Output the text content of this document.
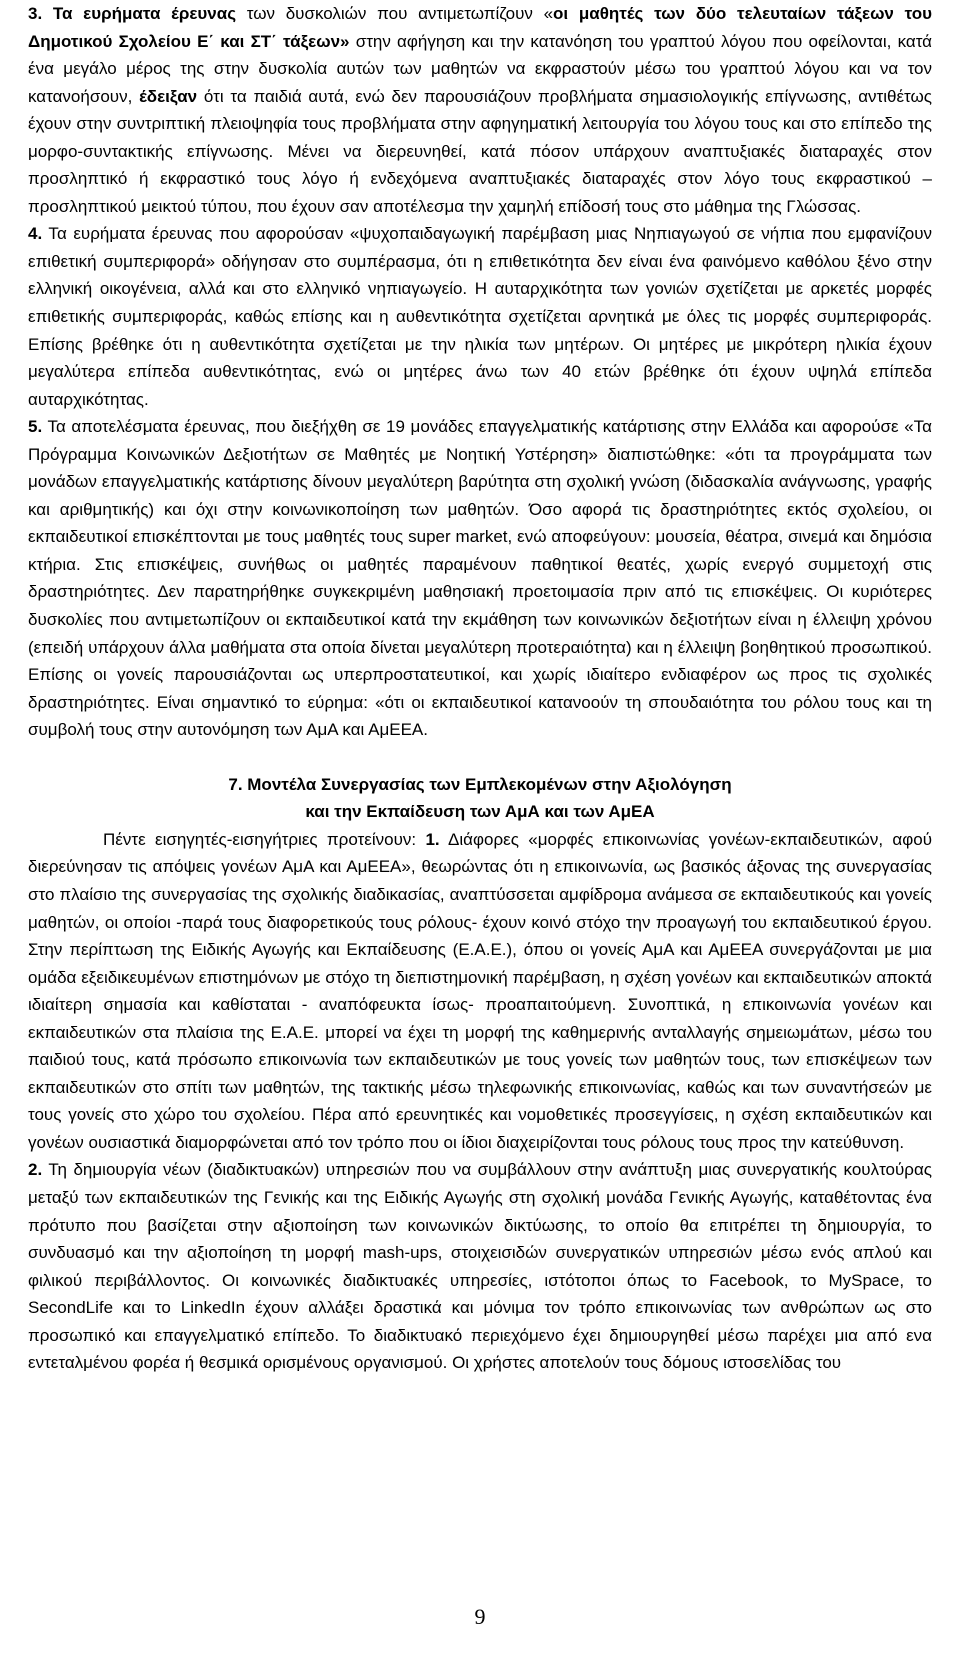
3. Τα ευρήματα έρευνας των δυσκολιών που αντιμετωπίζουν «οι μαθητές των δύο τελευταίων τάξεων του Δημοτικού Σχολείου Ε΄ και ΣΤ΄ τάξεων» στην αφήγηση και την κατανόηση του γραπτού λόγου που οφείλονται, κατά ένα μεγάλο μέρος της στην δυσκολία αυτών των μαθητών να εκφραστούν μέσω του γραπτού λόγου και να τον κατανοήσουν, έδειξαν ότι τα παιδιά αυτά, ενώ δεν παρουσιάζουν προβλήματα σημασιολογικής επίγνωσης, αντιθέτως έχουν στην συντριπτική πλειοψηφία τους προβλήματα στην αφηγηματική λειτουργία του λόγου τους και στο επίπεδο της μορφο-συντακτικής επίγνωσης. Μένει να διερευνηθεί, κατά πόσον υπάρχουν αναπτυξιακές διαταραχές στον προσληπτικό ή εκφραστικό τους λόγο ή ενδεχόμενα αναπτυξιακές διαταραχές στον λόγο τους εκφραστικού –προσληπτικού μεικτού τύπου, που έχουν σαν αποτέλεσμα την χαμηλή επίδοσή τους στο μάθημα της Γλώσσας.

4. Τα ευρήματα έρευνας που αφορούσαν «ψυχοπαιδαγωγική παρέμβαση μιας Νηπιαγωγού σε νήπια που εμφανίζουν επιθετική συμπεριφορά» οδήγησαν στο συμπέρασμα, ότι η επιθετικότητα δεν είναι ένα φαινόμενο καθόλου ξένο στην ελληνική οικογένεια, αλλά και στο ελληνικό νηπιαγωγείο. Η αυταρχικότητα των γονιών σχετίζεται με αρκετές μορφές επιθετικής συμπεριφοράς, καθώς επίσης και η αυθεντικότητα σχετίζεται αρνητικά με όλες τις μορφές συμπεριφοράς. Επίσης βρέθηκε ότι η αυθεντικότητα σχετίζεται με την ηλικία των μητέρων. Οι μητέρες με μικρότερη ηλικία έχουν μεγαλύτερα επίπεδα αυθεντικότητας, ενώ οι μητέρες άνω των 40 ετών βρέθηκε ότι έχουν υψηλά επίπεδα αυταρχικότητας.

5. Τα αποτελέσματα έρευνας, που διεξήχθη σε 19 μονάδες επαγγελματικής κατάρτισης στην Ελλάδα και αφορούσε «Τα Πρόγραμμα Κοινωνικών Δεξιοτήτων σε Μαθητές με Νοητική Υστέρηση» διαπιστώθηκε: «ότι τα προγράμματα των μονάδων επαγγελματικής κατάρτισης δίνουν μεγαλύτερη βαρύτητα στη σχολική γνώση (διδασκαλία ανάγνωσης, γραφής και αριθμητικής) και όχι στην κοινωνικοποίηση των μαθητών. Όσο αφορά τις δραστηριότητες εκτός σχολείου, οι εκπαιδευτικοί επισκέπτονται με τους μαθητές τους super market, ενώ αποφεύγουν: μουσεία, θέατρα, σινεμά και δημόσια κτήρια. Στις επισκέψεις, συνήθως οι μαθητές παραμένουν παθητικοί θεατές, χωρίς ενεργό συμμετοχή στις δραστηριότητες. Δεν παρατηρήθηκε συγκεκριμένη μαθησιακή προετοιμασία πριν από τις επισκέψεις. Οι κυριότερες δυσκολίες που αντιμετωπίζουν οι εκπαιδευτικοί κατά την εκμάθηση των κοινωνικών δεξιοτήτων είναι η έλλειψη χρόνου (επειδή υπάρχουν άλλα μαθήματα στα οποία δίνεται μεγαλύτερη προτεραιότητα) και η έλλειψη βοηθητικού προσωπικού. Επίσης οι γονείς παρουσιάζονται ως υπερπροστατευτικοί, και χωρίς ιδιαίτερο ενδιαφέρον ως προς τις σχολικές δραστηριότητες. Είναι σημαντικό το εύρημα: «ότι οι εκπαιδευτικοί κατανοούν τη σπουδαιότητα του ρόλου τους και τη συμβολή τους στην αυτονόμηση των ΑμΑ και ΑμΕΕΑ.

7. Μοντέλα Συνεργασίας των Εμπλεκομένων στην Αξιολόγηση
και την Εκπαίδευση των ΑμΑ και των ΑμΕΑ

Πέντε εισηγητές-εισηγήτριες προτείνουν: 1. Διάφορες «μορφές επικοινωνίας γονέων-εκπαιδευτικών, αφού διερεύνησαν τις απόψεις γονέων ΑμΑ και ΑμΕΕΑ», θεωρώντας ότι η επικοινωνία, ως βασικός άξονας της συνεργασίας στο πλαίσιο της συνεργασίας της σχολικής διαδικασίας, αναπτύσσεται αμφίδρομα ανάμεσα σε εκπαιδευτικούς και γονείς μαθητών, οι οποίοι -παρά τους διαφορετικούς τους ρόλους- έχουν κοινό στόχο την προαγωγή του εκπαιδευτικού έργου. Στην περίπτωση της Ειδικής Αγωγής και Εκπαίδευσης (Ε.Α.Ε.), όπου οι γονείς ΑμΑ και ΑμΕΕΑ συνεργάζονται με μια ομάδα εξειδικευμένων επιστημόνων με στόχο τη διεπιστημονική παρέμβαση, η σχέση γονέων και εκπαιδευτικών αποκτά ιδιαίτερη σημασία και καθίσταται - αναπόφευκτα ίσως- προαπαιτούμενη. Συνοπτικά, η επικοινωνία γονέων και εκπαιδευτικών στα πλαίσια της Ε.Α.Ε. μπορεί να έχει τη μορφή της καθημερινής ανταλλαγής σημειωμάτων, μέσω του παιδιού τους, κατά πρόσωπο επικοινωνία των εκπαιδευτικών με τους γονείς των μαθητών τους, των επισκέψεων των εκπαιδευτικών στο σπίτι των μαθητών, της τακτικής μέσω τηλεφωνικής επικοινωνίας, καθώς και των συναντήσεών με τους γονείς στο χώρο του σχολείου. Πέρα από ερευνητικές και νομοθετικές προσεγγίσεις, η σχέση εκπαιδευτικών και γονέων ουσιαστικά διαμορφώνεται από τον τρόπο που οι ίδιοι διαχειρίζονται τους ρόλους τους προς την κατεύθυνση.

2. Τη δημιουργία νέων (διαδικτυακών) υπηρεσιών που να συμβάλλουν στην ανάπτυξη μιας συνεργατικής κουλτούρας μεταξύ των εκπαιδευτικών της Γενικής και της Ειδικής Αγωγής στη σχολική μονάδα Γενικής Αγωγής, καταθέτοντας ένα πρότυπο που βασίζεται στην αξιοποίηση των κοινωνικών δικτύωσης, το οποίο θα επιτρέπει τη δημιουργία, το συνδυασμό και την αξιοποίηση τη μορφή mash-ups, στοιχεισιδών συνεργατικών υπηρεσιών μέσω ενός απλού και φιλικού περιβάλλοντος. Οι κοινωνικές διαδικτυακές υπηρεσίες, ιστότοποι όπως το Facebook, το MySpace, το SecondLife και το LinkedIn έχουν αλλάξει δραστικά και μόνιμα τον τρόπο επικοινωνίας των ανθρώπων ως στο προσωπικό και επαγγελματικό επίπεδο. Το διαδικτυακό περιεχόμενο έχει δημιουργηθεί μέσω παρέχει μια από ενα εντεταλμένου φορέα ή θεσμικά ορισμένους οργανισμού. Οι χρήστες αποτελούν τους δόμους ιστοσελίδας του

9
